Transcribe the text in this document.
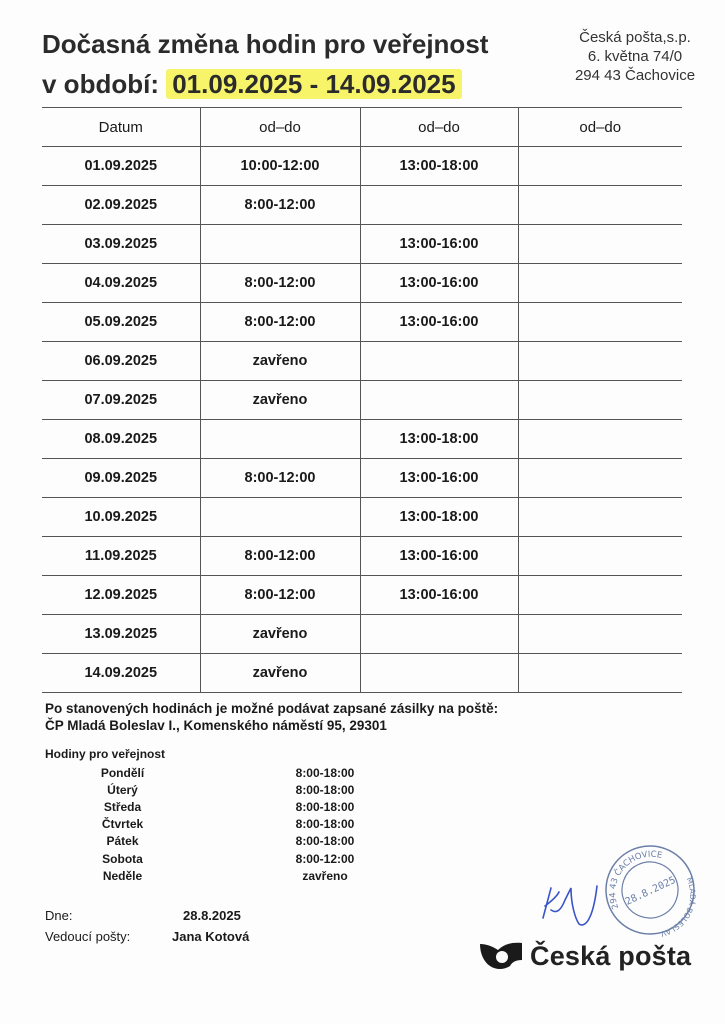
Dočasná změna hodin pro veřejnost
v období: 01.09.2025 - 14.09.2025
Česká pošta,s.p.
6. května 74/0
294 43 Čachovice
Datum	od–do	od–do	od–do
01.09.2025	10:00-12:00	13:00-18:00	
02.09.2025	8:00-12:00		
03.09.2025		13:00-16:00	
04.09.2025	8:00-12:00	13:00-16:00	
05.09.2025	8:00-12:00	13:00-16:00	
06.09.2025	zavřeno		
07.09.2025	zavřeno		
08.09.2025		13:00-18:00	
09.09.2025	8:00-12:00	13:00-16:00	
10.09.2025		13:00-18:00	
11.09.2025	8:00-12:00	13:00-16:00	
12.09.2025	8:00-12:00	13:00-16:00	
13.09.2025	zavřeno		
14.09.2025	zavřeno		
Po stanovených hodinách je možné podávat zapsané zásilky na poště:
ČP Mladá Boleslav I., Komenského náměstí 95, 29301
Hodiny pro veřejnost
Pondělí	8:00-18:00
Úterý	8:00-18:00
Středa	8:00-18:00
Čtvrtek	8:00-18:00
Pátek	8:00-18:00
Sobota	8:00-12:00
Neděle	zavřeno
Dne:	28.8.2025
Vedoucí pošty:	Jana Kotová
294 43 ČACHOVICE
MLADÁ BOLESLAV
28.8.2025
Česká pošta
